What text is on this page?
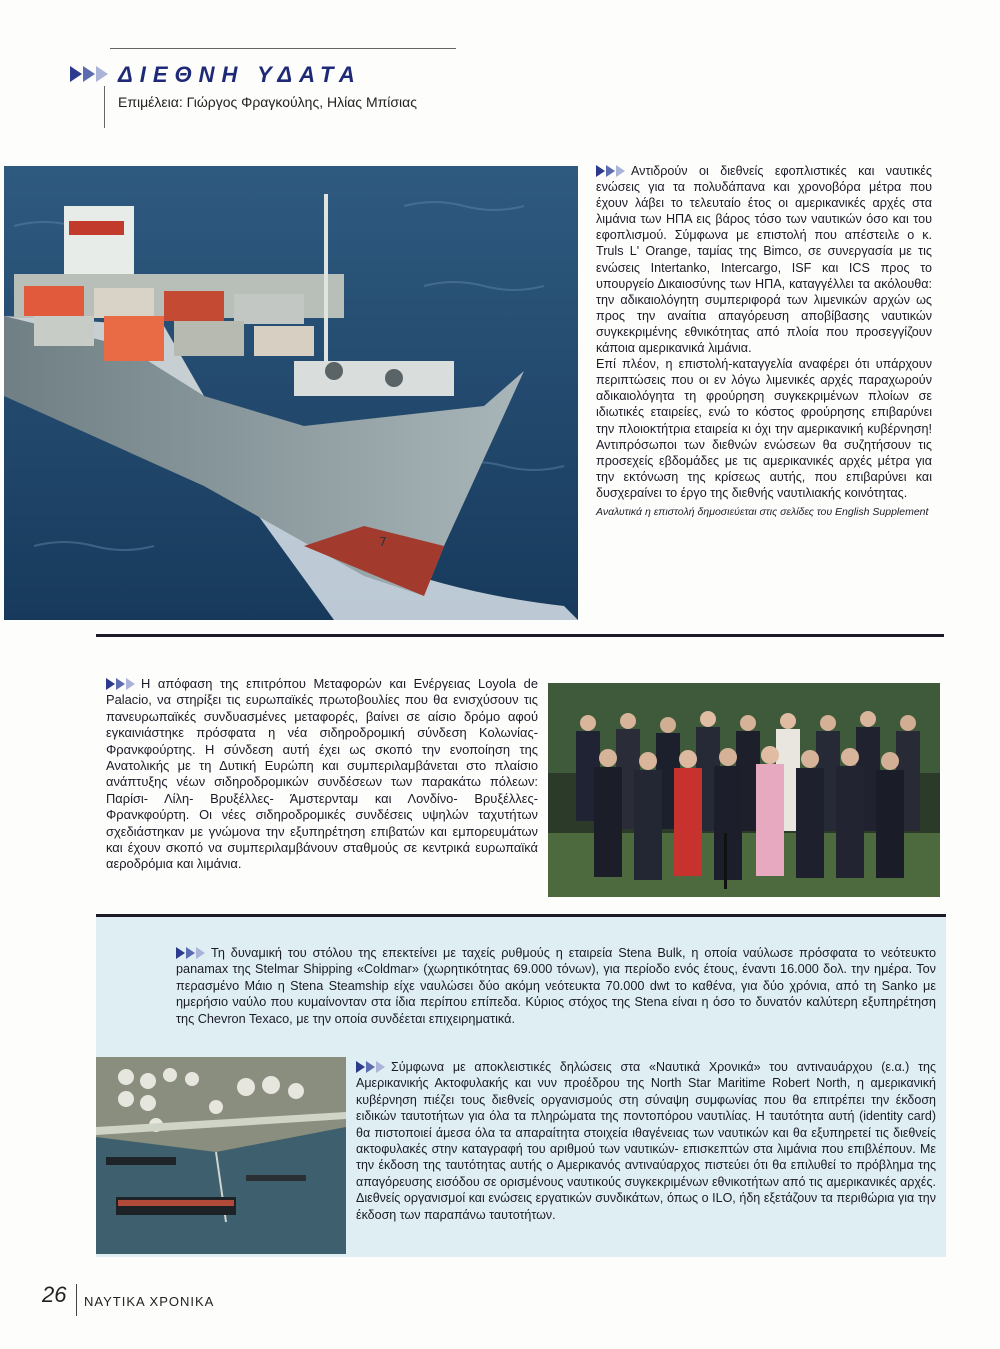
ΔΙΕΘΝΗ ΥΔΑΤΑ
Επιμέλεια: Γιώργος Φραγκούλης, Ηλίας Μπίσιας
7

Αντιδρούν οι διεθνείς εφοπλιστικές και ναυτικές ενώσεις για τα πολυδάπανα και χρονοβόρα μέτρα που έχουν λάβει το τελευταίο έτος οι αμερικανικές αρχές στα λιμάνια των ΗΠΑ εις βάρος τόσο των ναυτικών όσο και του εφοπλισμού. Σύμφωνα με επιστολή που απέστειλε ο κ. Truls L' Orange, ταμίας της Bimco, σε συνεργασία με τις ενώσεις Intertanko, Intercargo, ISF και ICS προς το υπουργείο Δικαιοσύνης των ΗΠΑ, καταγγέλλει τα ακόλουθα: την αδικαιολόγητη συμπεριφορά των λιμενικών αρχών ως προς την αναίτια απαγόρευση αποβίβασης ναυτικών συγκεκριμένης εθνικότητας από πλοία που προσεγγίζουν κάποια αμερικανικά λιμάνια.

Επί πλέον, η επιστολή-καταγγελία αναφέρει ότι υπάρχουν περιπτώσεις που οι εν λόγω λιμενικές αρχές παραχωρούν αδικαιολόγητα τη φρούρηση συγκεκριμένων πλοίων σε ιδιωτικές εταιρείες, ενώ το κόστος φρούρησης επιβαρύνει την πλοιοκτήτρια εταιρεία κι όχι την αμερικανική κυβέρνηση! Αντιπρόσωποι των διεθνών ενώσεων θα συζητήσουν τις προσεχείς εβδομάδες με τις αμερικανικές αρχές μέτρα για την εκτόνωση της κρίσεως αυτής, που επιβαρύνει και δυσχεραίνει το έργο της διεθνής ναυτιλιακής κοινότητας.

Αναλυτικά η επιστολή δημοσιεύεται στις σελίδες του English Supplement

Η απόφαση της επιτρόπου Μεταφορών και Ενέργειας Loyola de Palacio, να στηρίξει τις ευρωπαϊκές πρωτοβουλίες που θα ενισχύσουν τις πανευρωπαϊκές συνδυασμένες μεταφορές, βαίνει σε αίσιο δρόμο αφού εγκαινιάστηκε πρόσφατα η νέα σιδηροδρομική σύνδεση Κολωνίας- Φρανκφούρτης. Η σύνδεση αυτή έχει ως σκοπό την ενοποίηση της Ανατολικής με τη Δυτική Ευρώπη και συμπεριλαμβάνεται στο πλαίσιο ανάπτυξης νέων σιδηροδρομικών συνδέσεων των παρακάτω πόλεων: Παρίσι- Λίλη- Βρυξέλλες- Άμστερνταμ και Λονδίνο- Βρυξέλλες- Φρανκφούρτη. Οι νέες σιδηροδρομικές συνδέσεις υψηλών ταχυτήτων σχεδιάστηκαν με γνώμονα την εξυπηρέτηση επιβατών και εμπορευμάτων και έχουν σκοπό να συμπεριλαμβάνουν σταθμούς σε κεντρικά ευρωπαϊκά αεροδρόμια και λιμάνια.

Τη δυναμική του στόλου της επεκτείνει με ταχείς ρυθμούς η εταιρεία Stena Bulk, η οποία ναύλωσε πρόσφατα το νεότευκτο panamax της Stelmar Shipping «Coldmar» (χωρητικότητας 69.000 τόνων), για περίοδο ενός έτους, έναντι 16.000 δολ. την ημέρα. Τον περασμένο Μάιο η Stena Steamship είχε ναυλώσει δύο ακόμη νεότευκτα 70.000 dwt το καθένα, για δύο χρόνια, από τη Sanko με ημερήσιο ναύλο που κυμαίνονταν στα ίδια περίπου επίπεδα. Κύριος στόχος της Stena είναι η όσο το δυνατόν καλύτερη εξυπηρέτηση της Chevron Texaco, με την οποία συνδέεται επιχειρηματικά.

Σύμφωνα με αποκλειστικές δηλώσεις στα «Ναυτικά Χρονικά» του αντιναυάρχου (ε.α.) της Αμερικανικής Ακτοφυλακής και νυν προέδρου της North Star Maritime Robert North, η αμερικανική κυβέρνηση πιέζει τους διεθνείς οργανισμούς στη σύναψη συμφωνίας που θα επιτρέπει την έκδοση ειδικών ταυτοτήτων για όλα τα πληρώματα της ποντοπόρου ναυτιλίας. Η ταυτότητα αυτή (identity card) θα πιστοποιεί άμεσα όλα τα απαραίτητα στοιχεία ιθαγένειας των ναυτικών και θα εξυπηρετεί τις διεθνείς ακτοφυλακές στην καταγραφή του αριθμού των ναυτικών- επισκεπτών στα λιμάνια που επιβλέπουν. Με την έκδοση της ταυτότητας αυτής ο Αμερικανός αντιναύαρχος πιστεύει ότι θα επιλυθεί το πρόβλημα της απαγόρευσης εισόδου σε ορισμένους ναυτικούς συγκεκριμένων εθνικοτήτων από τις αμερικανικές αρχές. Διεθνείς οργανισμοί και ενώσεις εργατικών συνδικάτων, όπως ο ILO, ήδη εξετάζουν τα περιθώρια για την έκδοση των παραπάνω ταυτοτήτων.

26 ΝΑΥΤΙΚΑ ΧΡΟΝΙΚΑ
